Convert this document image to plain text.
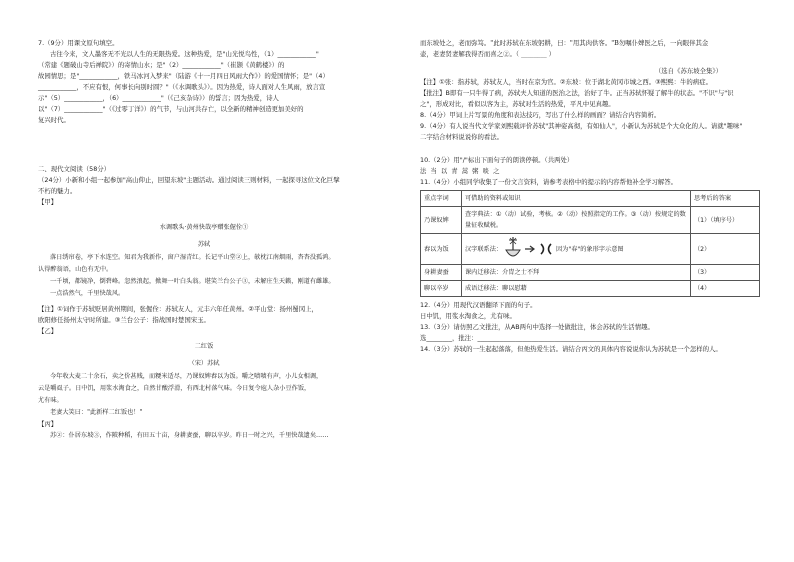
7.（9分）用课文原句填空。

古往今来，文人墨客无不光以人生的无限热爱。这种热爱，是"山光悦鸟性，（1）____________"

（常建《题破山寺后禅院》）的寄情山水；是"（2）____________"（崔颢《黄鹤楼》）的

故园情思；是"____________，铁马冰河入梦来"（陆游《十一月四日风雨大作》）的爱国情怀；是"（4）

____________，不应有恨，何事长向别时圆？"（《水调歌头》）。因为热爱，诗人面对人生风雨，放言宣

示"（5）____________，（6）____________"（《己亥杂诗》）的誓言；因为热爱，诗人

以"（7）____________"（《过零丁洋》）的气节，与山河共存亡，以全新的精神创造更加美好的

复兴时代。

二、现代文阅读（58分）

（24分）小新和小组一起参加"高山仰止，回望东坡"主题活动。通过阅读三则材料，一起探寻这位文化巨擘

不朽的魅力。

【甲】

水调歌头·黄州快哉亭赠张偓佺①

苏轼

落日绣帘卷，亭下水连空。知君为我新作，窗户湿青红。长记平山堂②上，欹枕江南烟雨，杳杳没孤鸿。

认得醉翁语，山色有无中。

一千顷，都镜净，倒碧峰。忽然浪起，掀舞一叶白头翁。堪笑兰台公子③，未解庄生天籁，刚道有雌雄。

一点浩然气，千里快哉风。

【注】①词作于苏轼贬居黄州期间，张偓佺：苏轼友人，元丰六年任黄州。②平山堂：扬州蜀冈上，

欧阳修任扬州太守时所建。③兰台公子：指战国时楚国宋玉。

【乙】

二红饭

（宋）苏轼

今年收大麦二十余石，卖之价甚贱，而粳米适尽，乃课奴婢舂以为饭。嚼之啧啧有声，小儿女相调，

云是嚼虱子。日中饥，用浆水淘食之，自然甘酸浮滑，有西北村落气味。今日复令庖人杂小豆作饭，

尤有味。

老妻大笑曰："此新样二红饭也！"

【丙】

苏②：仆居东坡③，作陂种稻，有田五十亩，身耕妻蚕，聊以卒岁。昨日一时之兴，千里快哉遗矣……

而东坡处之，老而弥笃。"此时苏轼在东坡躬耕，曰："用其肉供客。"B勿嘱仆婢医之后，一向眼伴其金

壶，老妻贤妻解我得否而喜之②。（ ________ ）

（选自《苏东坡全集》）

【注】①张：指苏轼，苏轼友人，当时在京为官。②东坡：位于湖北黄冈市城之西。③熙熙：牛的病症。

【批注】B即有一只牛得了病，苏轼夫人知道的医治之法，治好了牛。正当苏轼怀疑了解牛的状态。"不识"与"识

之"，形成对比，看似以客为主，苏轼对生活的热爱，平凡中见真趣。

8.（4分）甲词上片写景的角度和表达技巧，写出了什么样的画面？请结合内容简析。

9.（4分）有人说当代文学家刘熙载评价苏轼"其神姿高彻，有如仙人"，小新认为苏轼是个大众化的人。请就"趣味"

二字结合材料说说你的看法。

10.（2分）用"/"标出下面句子的朗读停顿。（共两处）

法 当 以 青 蒿 粥 啖 之

11.（4分）小组同学收集了一份文言资料，请参考表格中的提示的内容帮他补全学习解答。

重点字词	可借助的资料或知识	思考后的答案
乃课奴婢	查字典法：①（动）试验，考核。②（动）按照指定的工作。③（动）按规定的数量征收赋税。	（1）（填序号）
舂以为饭	汉字联系法： 因为"春"的象形字示意图	（2）
身耕妻蚕	课内迁移法：介胄之士不拜	（3）
聊以卒岁	成语迁移法：聊以慰藉	（4）

12.（4分）用现代汉语翻译下面的句子。

日中饥，用浆水淘食之，尤有味。

13.（3分）请仿照乙文批注，从AB两句中选择一处做批注，体会苏轼的生活情趣。

选________，批注：________________________________________________

14.（3分）苏轼的一生起起落落，但他热爱生活。请结合丙文的具体内容说说你认为苏轼是一个怎样的人。
